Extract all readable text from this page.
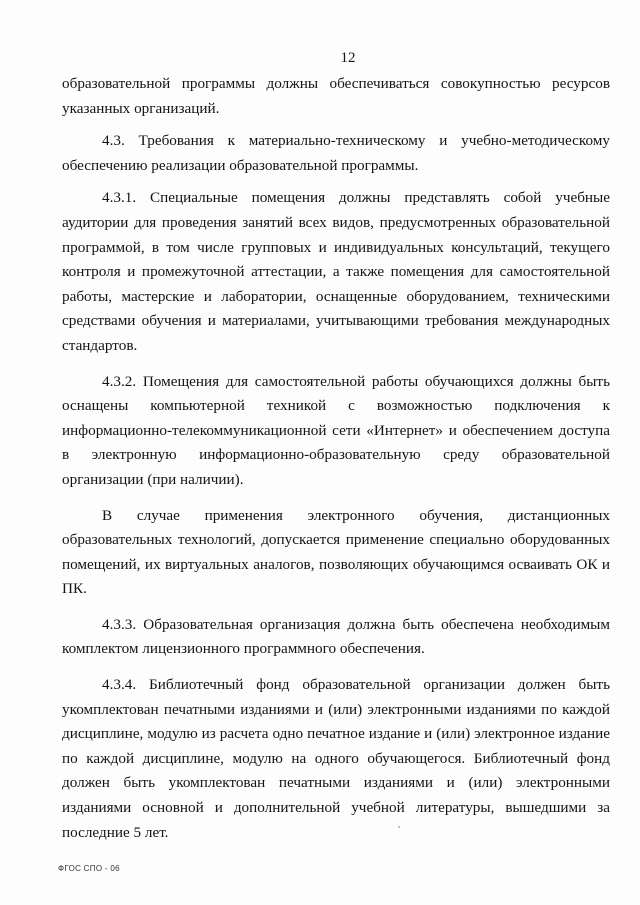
12

образовательной программы должны обеспечиваться совокупностью ресурсов указанных организаций.

4.3. Требования к материально-техническому и учебно-методическому обеспечению реализации образовательной программы.

4.3.1. Специальные помещения должны представлять собой учебные аудитории для проведения занятий всех видов, предусмотренных образовательной программой, в том числе групповых и индивидуальных консультаций, текущего контроля и промежуточной аттестации, а также помещения для самостоятельной работы, мастерские и лаборатории, оснащенные оборудованием, техническими средствами обучения и материалами, учитывающими требования международных стандартов.

4.3.2. Помещения для самостоятельной работы обучающихся должны быть оснащены компьютерной техникой с возможностью подключения к информационно-телекоммуникационной сети «Интернет» и обеспечением доступа в электронную информационно-образовательную среду образовательной организации (при наличии).

В случае применения электронного обучения, дистанционных образовательных технологий, допускается применение специально оборудованных помещений, их виртуальных аналогов, позволяющих обучающимся осваивать ОК и ПК.

4.3.3. Образовательная организация должна быть обеспечена необходимым комплектом лицензионного программного обеспечения.

4.3.4. Библиотечный фонд образовательной организации должен быть укомплектован печатными изданиями и (или) электронными изданиями по каждой дисциплине, модулю из расчета одно печатное издание и (или) электронное издание по каждой дисциплине, модулю на одного обучающегося. Библиотечный фонд должен быть укомплектован печатными изданиями и (или) электронными изданиями основной и дополнительной учебной литературы, вышедшими за последние 5 лет.

ФГОС СПО - 06
